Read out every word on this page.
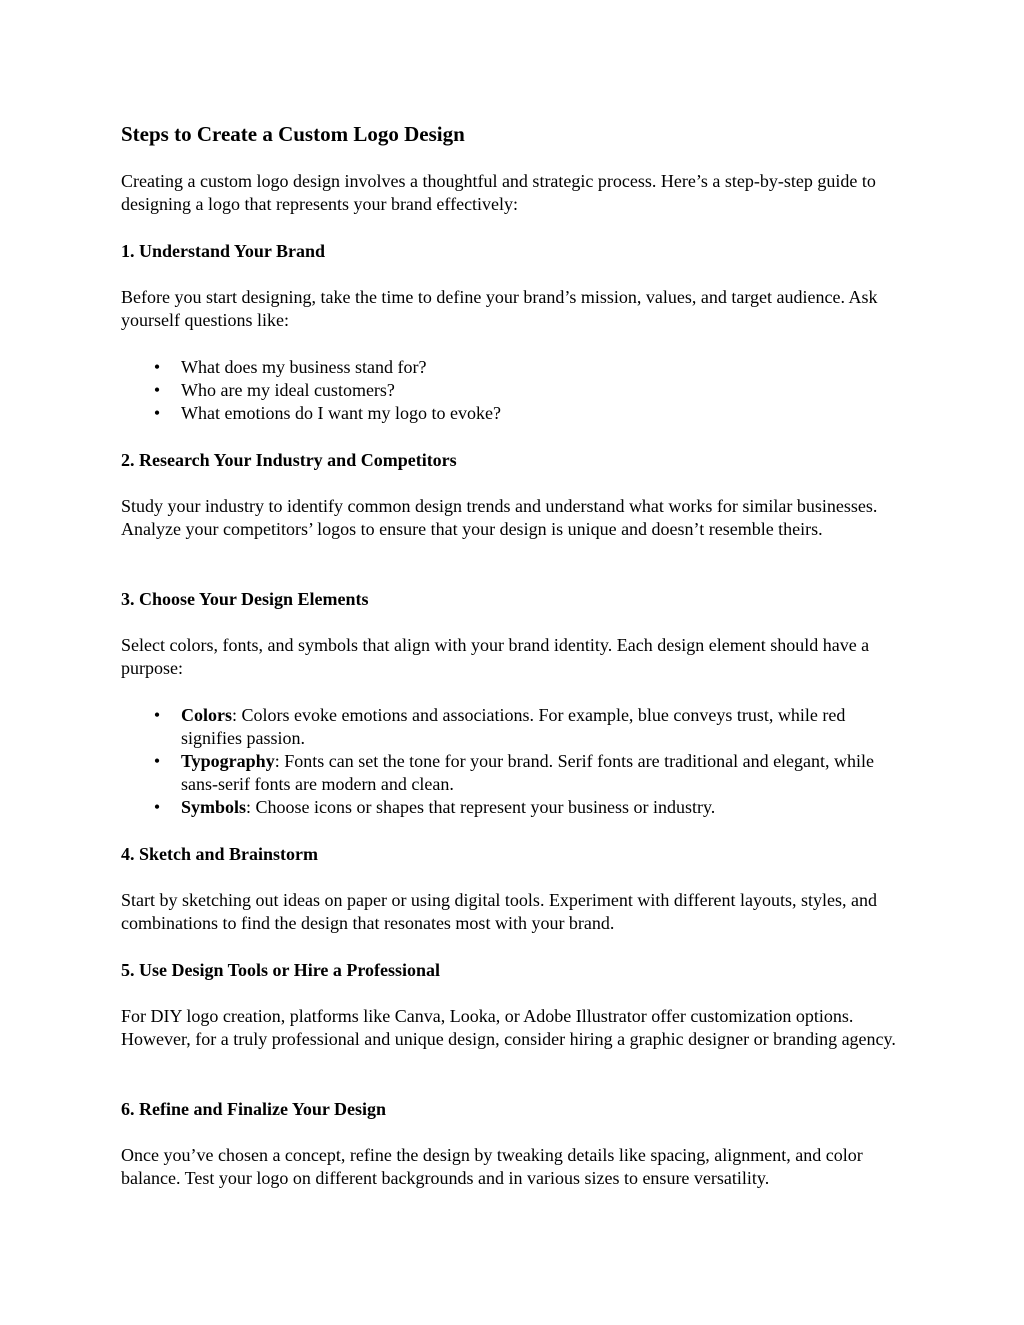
Steps to Create a Custom Logo Design

Creating a custom logo design involves a thoughtful and strategic process. Here’s a step-by-step guide to designing a logo that represents your brand effectively:

1. Understand Your Brand

Before you start designing, take the time to define your brand’s mission, values, and target audience. Ask yourself questions like:

• What does my business stand for?
• Who are my ideal customers?
• What emotions do I want my logo to evoke?
2. Research Your Industry and Competitors

Study your industry to identify common design trends and understand what works for similar businesses. Analyze your competitors’ logos to ensure that your design is unique and doesn’t resemble theirs.

3. Choose Your Design Elements

Select colors, fonts, and symbols that align with your brand identity. Each design element should have a purpose:

• Colors: Colors evoke emotions and associations. For example, blue conveys trust, while red signifies passion.
• Typography: Fonts can set the tone for your brand. Serif fonts are traditional and elegant, while sans-serif fonts are modern and clean.
• Symbols: Choose icons or shapes that represent your business or industry.
4. Sketch and Brainstorm

Start by sketching out ideas on paper or using digital tools. Experiment with different layouts, styles, and combinations to find the design that resonates most with your brand.

5. Use Design Tools or Hire a Professional

For DIY logo creation, platforms like Canva, Looka, or Adobe Illustrator offer customization options. However, for a truly professional and unique design, consider hiring a graphic designer or branding agency.

6. Refine and Finalize Your Design

Once you’ve chosen a concept, refine the design by tweaking details like spacing, alignment, and color balance. Test your logo on different backgrounds and in various sizes to ensure versatility.
